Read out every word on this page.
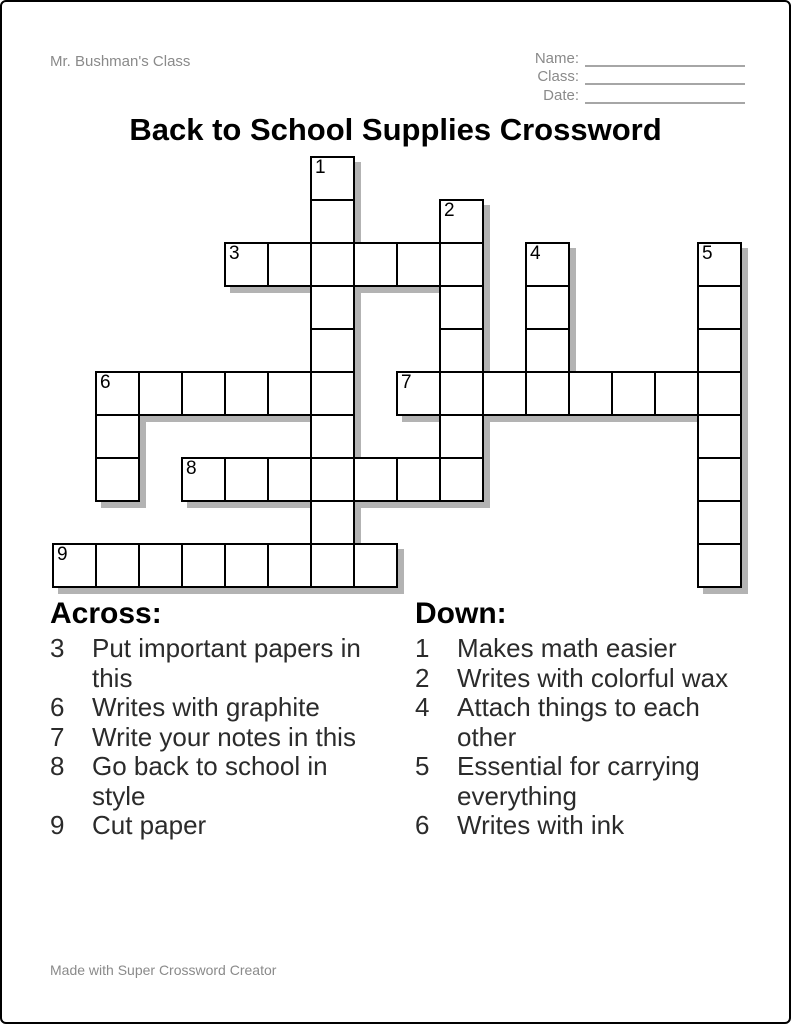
Mr. Bushman's Class	Name:
Class:
Date:
Back to School Supplies Crossword
1
2
3	4	5
6	7
8
9
Across:
3	Put important papers in this
6	Writes with graphite
7	Write your notes in this
8	Go back to school in style
9	Cut paper
Down:
1	Makes math easier
2	Writes with colorful wax
4	Attach things to each other
5	Essential for carrying everything
6	Writes with ink
Made with Super Crossword Creator
